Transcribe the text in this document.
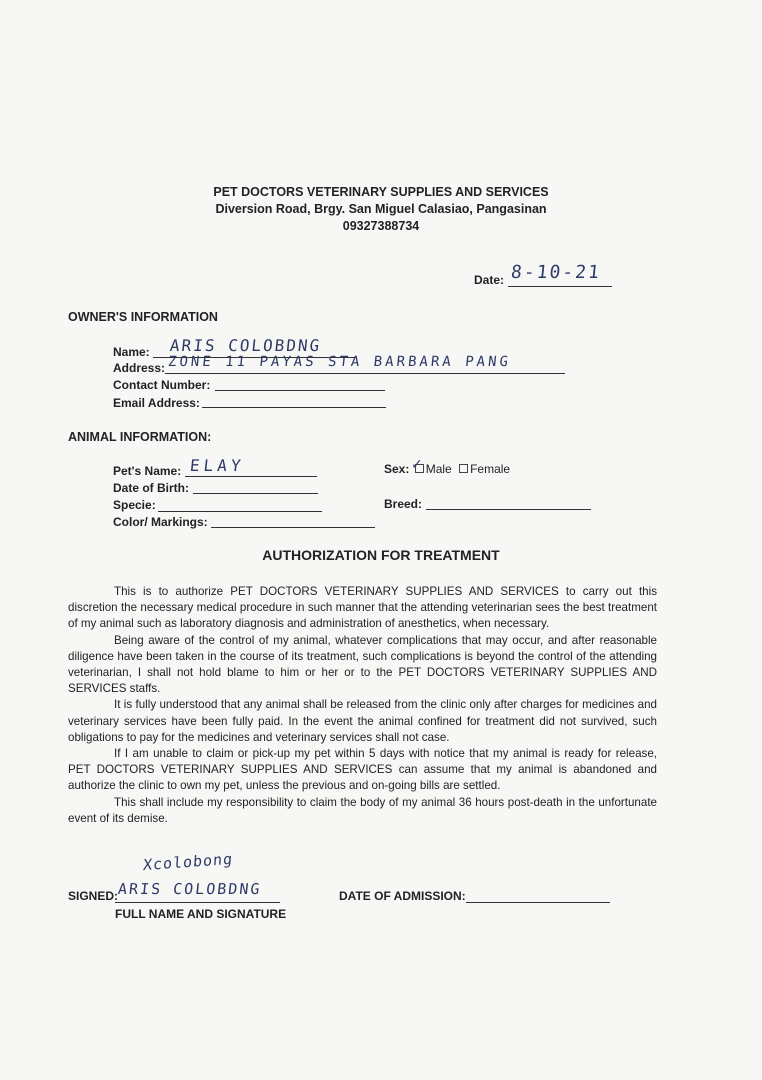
PET DOCTORS VETERINARY SUPPLIES AND SERVICES
Diversion Road, Brgy. San Miguel Calasiao, Pangasinan
09327388734
Date: 8-10-21
OWNER'S INFORMATION
Name: ARIS COLOBDNG
Address: ZONE 11 PAYAS STA BARBARA PANG
Contact Number:
Email Address:
ANIMAL INFORMATION:
Pet's Name: ELAY
Date of Birth:
Specie:
Color/ Markings:
Sex: Male Female
✓
Breed:
AUTHORIZATION FOR TREATMENT

This is to authorize PET DOCTORS VETERINARY SUPPLIES AND SERVICES to carry out this discretion the necessary medical procedure in such manner that the attending veterinarian sees the best treatment of my animal such as laboratory diagnosis and administration of anesthetics, when necessary.

Being aware of the control of my animal, whatever complications that may occur, and after reasonable diligence have been taken in the course of its treatment, such complications is beyond the control of the attending veterinarian, I shall not hold blame to him or her or to the PET DOCTORS VETERINARY SUPPLIES AND SERVICES staffs.

It is fully understood that any animal shall be released from the clinic only after charges for medicines and veterinary services have been fully paid. In the event the animal confined for treatment did not survived, such obligations to pay for the medicines and veterinary services shall not case.

If I am unable to claim or pick-up my pet within 5 days with notice that my animal is ready for release, PET DOCTORS VETERINARY SUPPLIES AND SERVICES can assume that my animal is abandoned and authorize the clinic to own my pet, unless the previous and on-going bills are settled.

This shall include my responsibility to claim the body of my animal 36 hours post-death in the unfortunate event of its demise.

Xcolobong
SIGNED: ARIS COLOBDNG
FULL NAME AND SIGNATURE
DATE OF ADMISSION:
